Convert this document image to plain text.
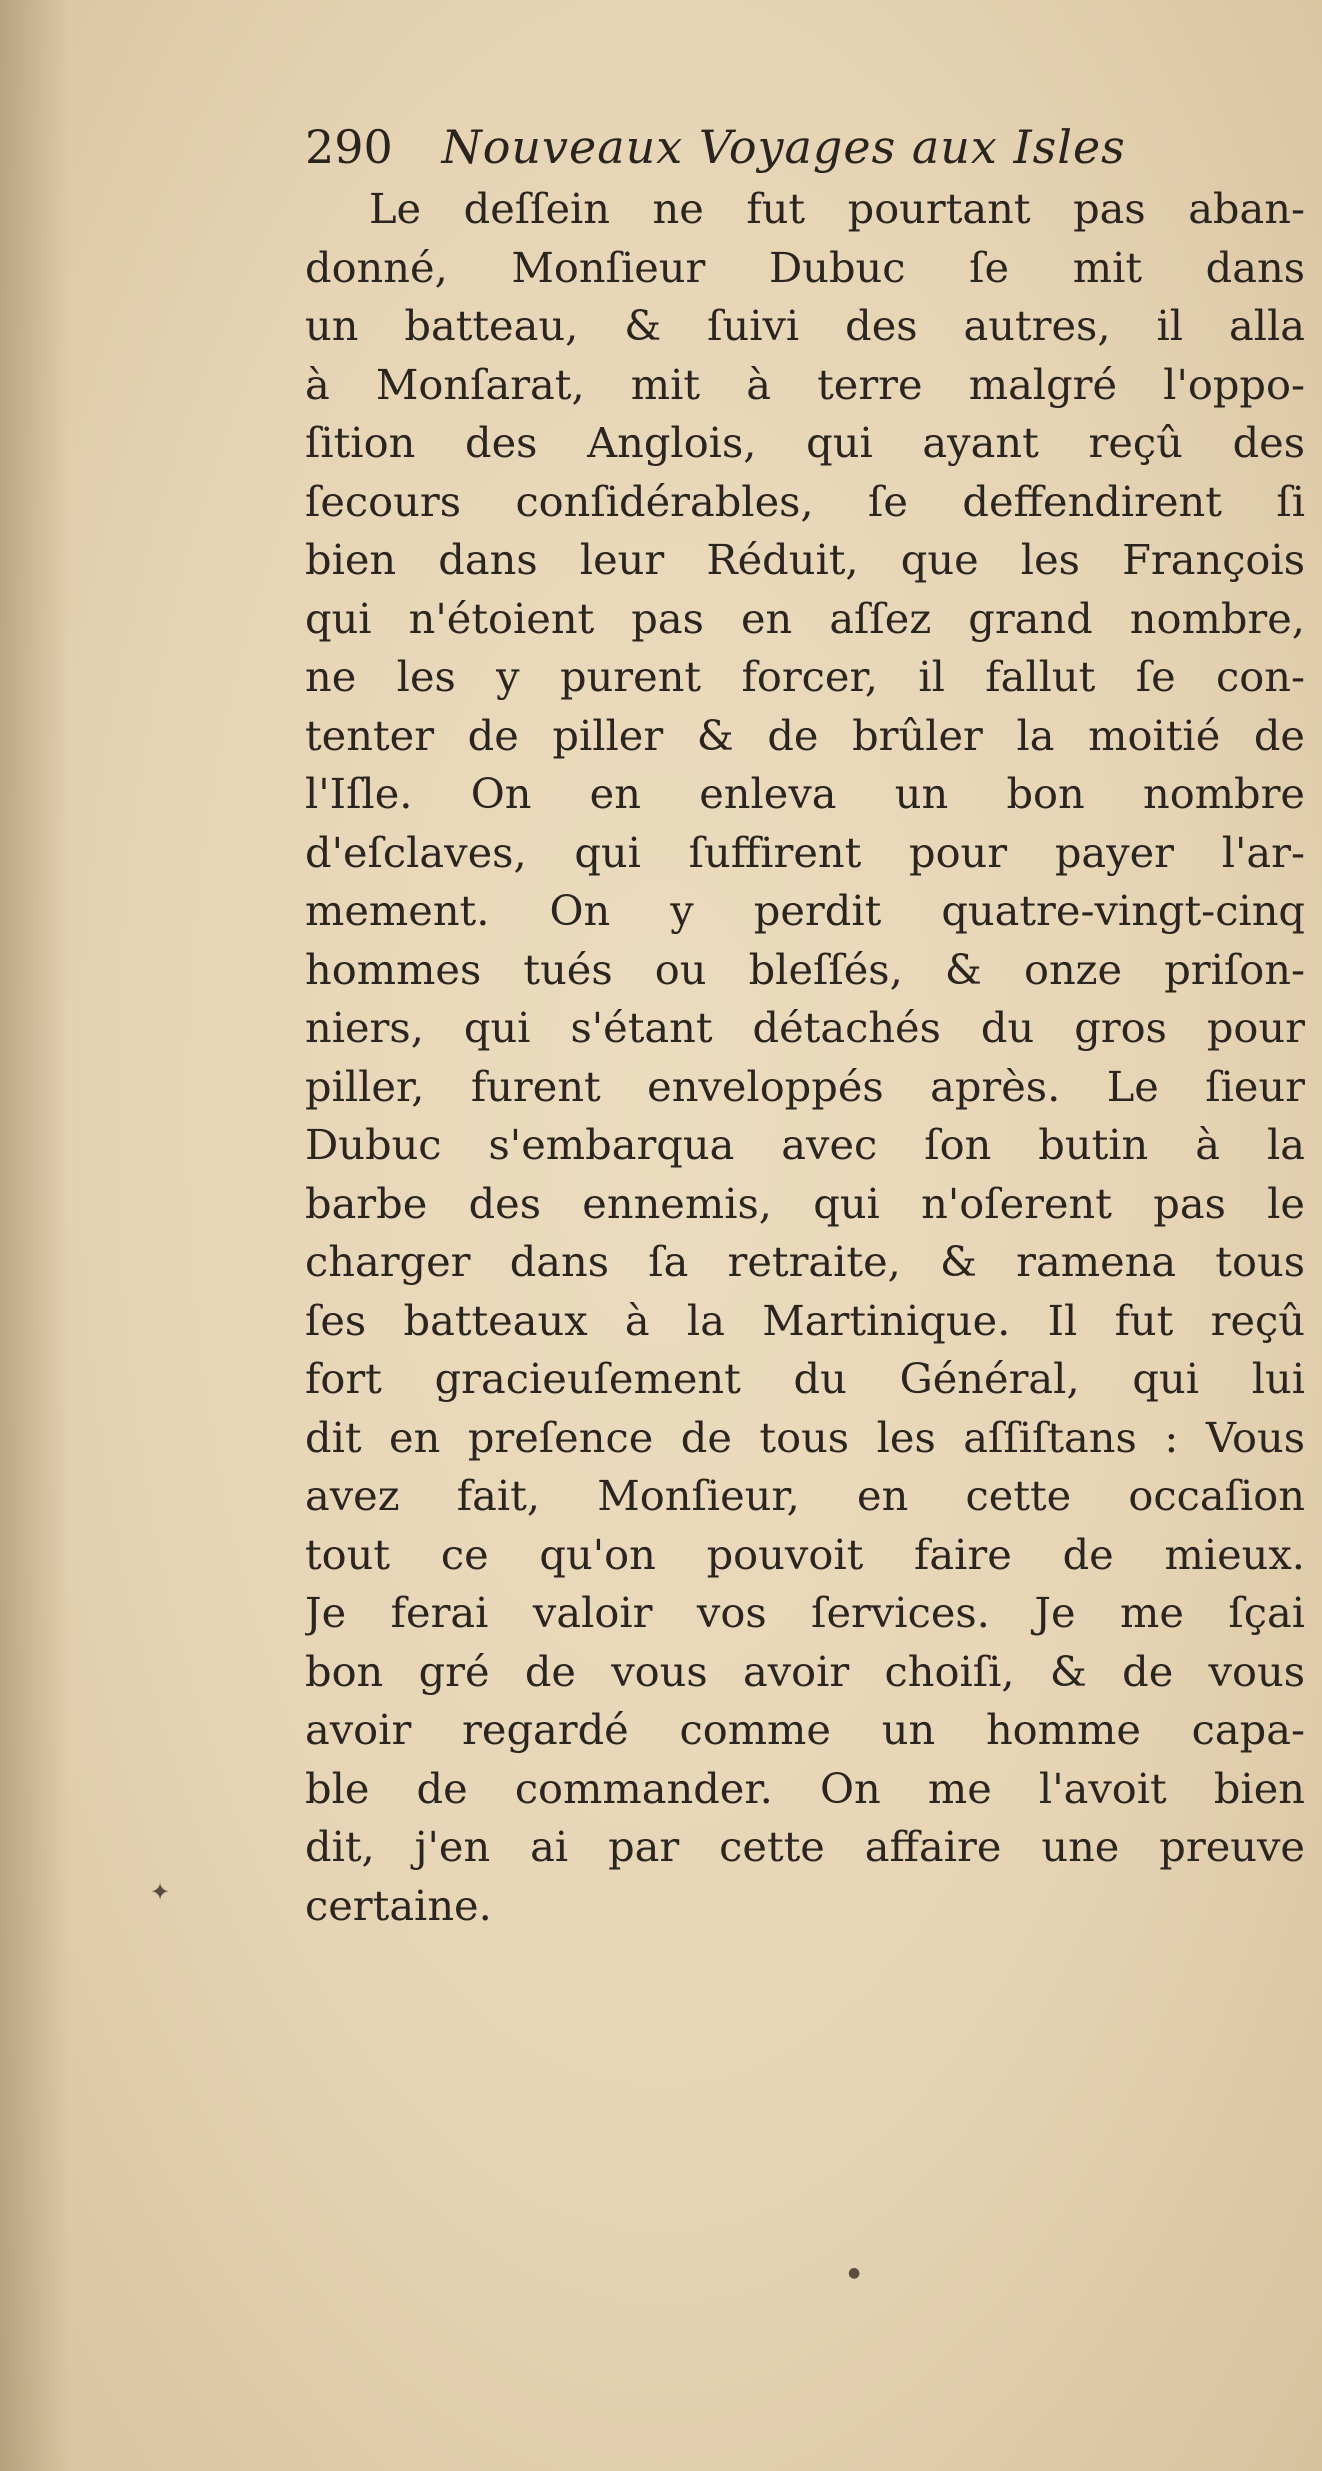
290 Nouveaux Voyages aux Isles
Le deſſein ne fut pourtant pas aban-
donné, Monſieur Dubuc ſe mit dans
un batteau, & ſuivi des autres, il alla
à Monſarat, mit à terre malgré l'oppo-
ſition des Anglois, qui ayant reçû des
ſecours conſidérables, ſe deffendirent ſi
bien dans leur Réduit, que les François
qui n'étoient pas en aſſez grand nombre,
ne les y purent forcer, il fallut ſe con-
tenter de piller & de brûler la moitié de
l'Iſle. On en enleva un bon nombre
d'eſclaves, qui ſuffirent pour payer l'ar-
mement. On y perdit quatre-vingt-cinq
hommes tués ou bleſſés, & onze priſon-
niers, qui s'étant détachés du gros pour
piller, furent enveloppés après. Le ſieur
Dubuc s'embarqua avec ſon butin à la
barbe des ennemis, qui n'oſerent pas le
charger dans ſa retraite, & ramena tous
ſes batteaux à la Martinique. Il fut reçû
fort gracieuſement du Général, qui lui
dit en preſence de tous les aſſiſtans : Vous
avez fait, Monſieur, en cette occaſion
tout ce qu'on pouvoit faire de mieux.
Je ferai valoir vos ſervices. Je me ſçai
bon gré de vous avoir choiſi, & de vous
avoir regardé comme un homme capa-
ble de commander. On me l'avoit bien
dit, j'en ai par cette affaire une preuve
certaine.
✦
●
